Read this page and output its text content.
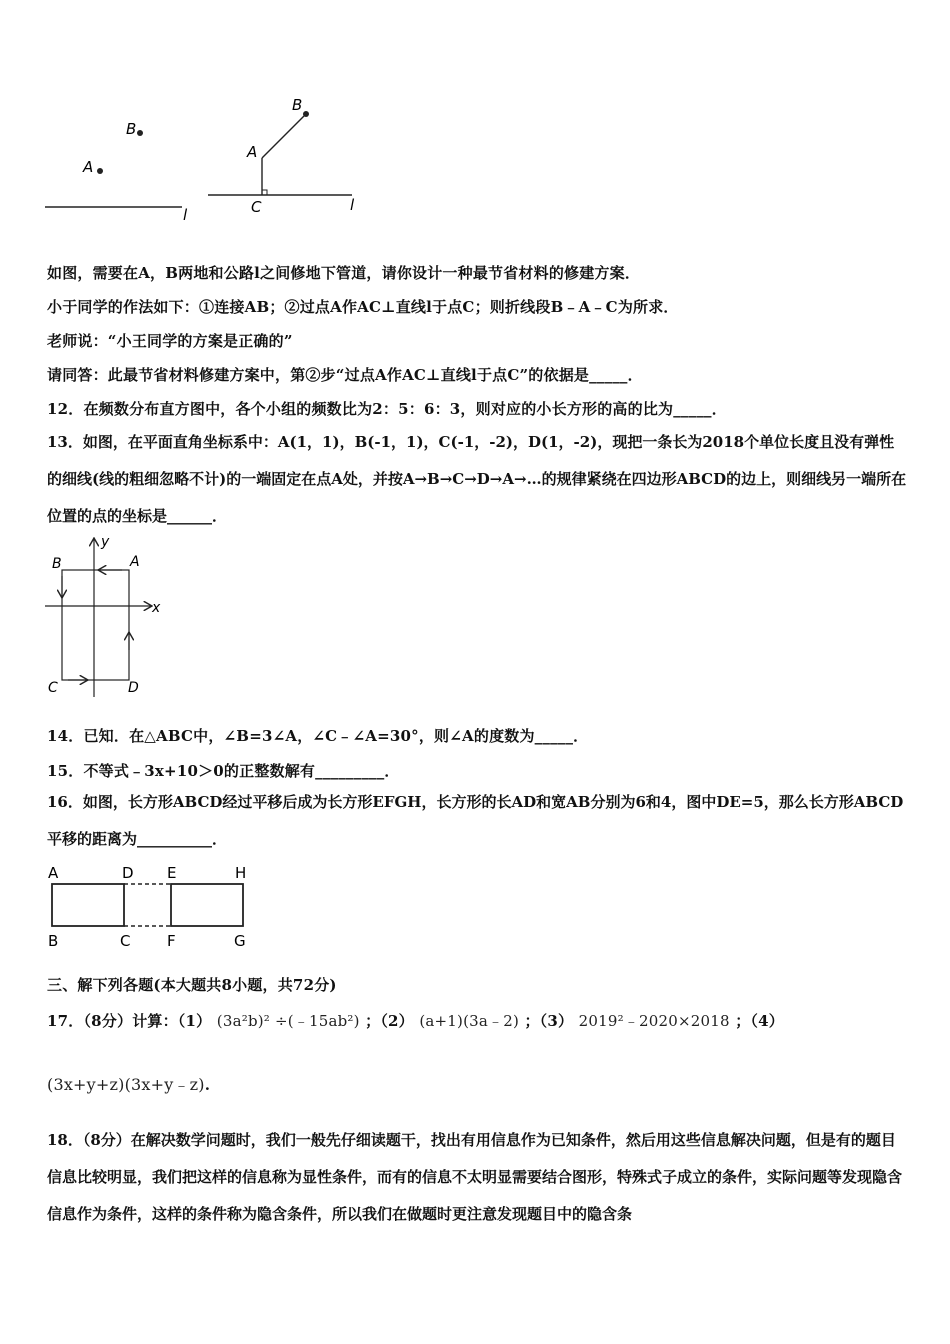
l
A
B
l
A
B
C
如图，需要在A，B两地和公路l之间修地下管道，请你设计一种最节省材料的修建方案．
小于同学的作法如下：①连接AB；②过点A作AC⊥直线l于点C；则折线段B﹣A﹣C为所求．
老师说：“小王同学的方案是正确的”
请同答：此最节省材料修建方案中，第②步“过点A作AC⊥直线l于点C”的依据是_____．
12．在频数分布直方图中，各个小组的频数比为2：5：6：3，则对应的小长方形的高的比为_____．
13．如图，在平面直角坐标系中：A(1，1)，B(-1，1)，C(-1，-2)，D(1，-2)，现把一条长为2018个单位长度且没有弹性的细线(线的粗细忽略不计)的一端固定在点A处，并按A→B→C→D→A→…的规律紧绕在四边形ABCD的边上，则细线另一端所在位置的点的坐标是______．
B	A
C	D
x
y
14．已知．在△ABC中，∠B=3∠A，∠C﹣∠A=30°，则∠A的度数为_____．
15．不等式﹣3x+10＞0的正整数解有_________．
16．如图，长方形ABCD经过平移后成为长方形EFGH，长方形的长AD和宽AB分别为6和4，图中DE=5，那么长方形ABCD平移的距离为__________．
A	D E	H
B	C F	G
三、解下列各题(本大题共8小题，共72分)
17．（8分）计算：（1） (3a²b)² ÷(﹣15ab²) ；（2） (a+1)(3a﹣2) ；（3） 2019²﹣2020×2018 ；（4）
(3x+y+z)(3x+y﹣z).
18．（8分）在解决数学问题时，我们一般先仔细读题干，找出有用信息作为已知条件，然后用这些信息解决问题，但是有的题目信息比较明显，我们把这样的信息称为显性条件，而有的信息不太明显需要结合图形，特殊式子成立的条件，实际问题等发现隐含信息作为条件，这样的条件称为隐含条件，所以我们在做题时更注意发现题目中的隐含条
